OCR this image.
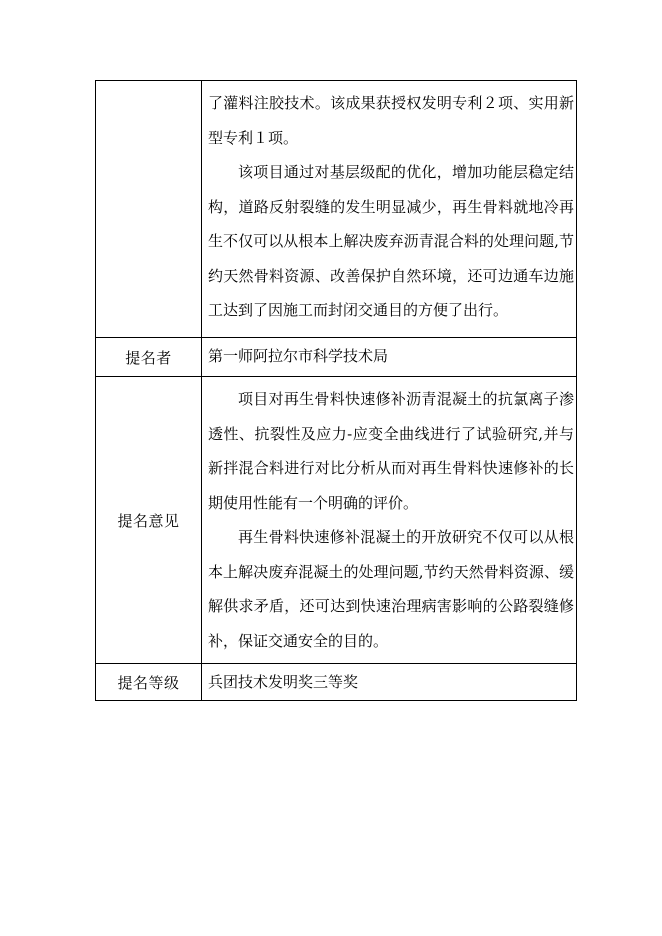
	了灌料注胶技术。该成果获授权发明专利２项、实用新型专利１项。

该项目通过对基层级配的优化，增加功能层稳定结构，道路反射裂缝的发生明显减少，再生骨料就地冷再生不仅可以从根本上解决废弃沥青混合料的处理问题,节约天然骨料资源、改善保护自然环境，还可边通车边施工达到了因施工而封闭交通目的方便了出行。

提名者	第一师阿拉尔市科学技术局
提名意见	项目对再生骨料快速修补沥青混凝土的抗氯离子渗透性、抗裂性及应力-应变全曲线进行了试验研究,并与新拌混合料进行对比分析从而对再生骨料快速修补的长期使用性能有一个明确的评价。

再生骨料快速修补混凝土的开放研究不仅可以从根本上解决废弃混凝土的处理问题,节约天然骨料资源、缓解供求矛盾，还可达到快速治理病害影响的公路裂缝修补，保证交通安全的目的。

提名等级	兵团技术发明奖三等奖
